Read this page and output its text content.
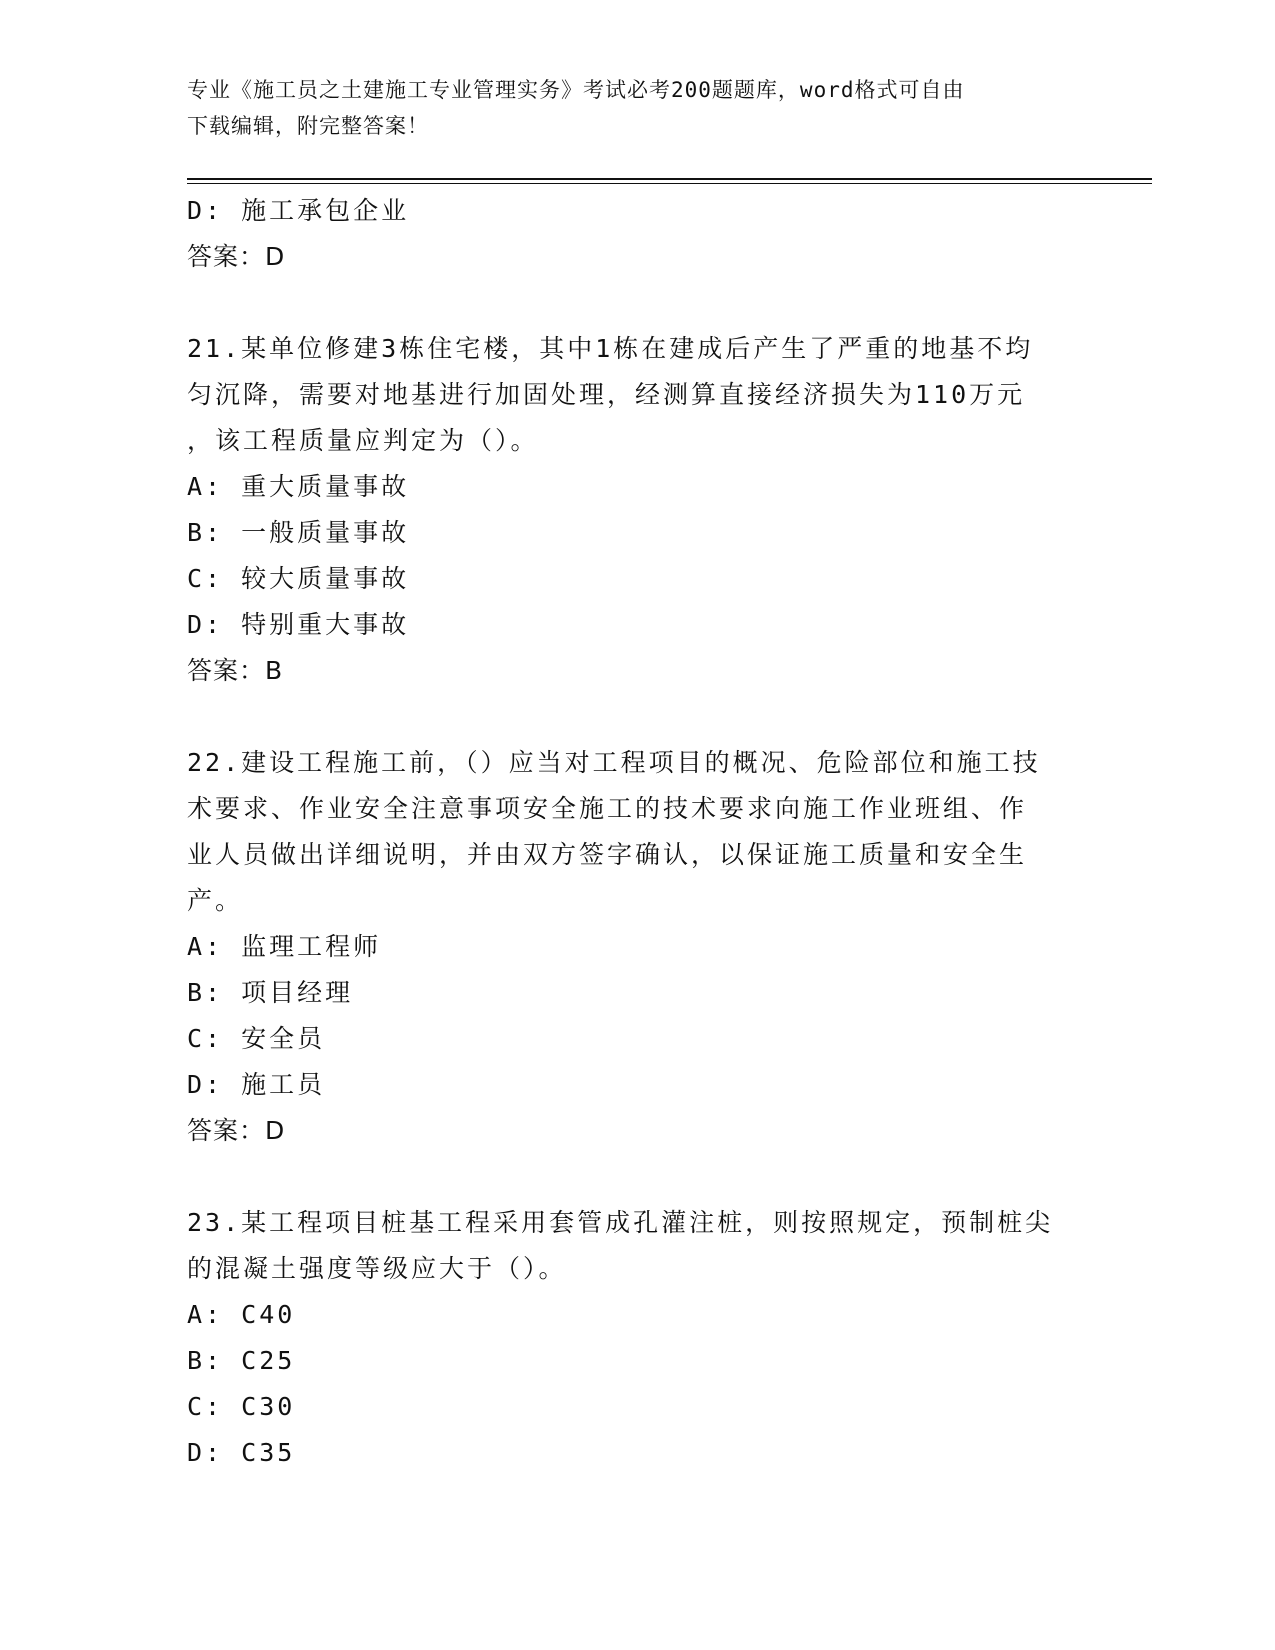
专业《施工员之土建施工专业管理实务》考试必考200题题库，word格式可自由
下载编辑，附完整答案！
D: 施工承包企业
答案：D
21.某单位修建3栋住宅楼，其中1栋在建成后产生了严重的地基不均
匀沉降，需要对地基进行加固处理，经测算直接经济损失为110万元
，该工程质量应判定为（）。
A: 重大质量事故
B: 一般质量事故
C: 较大质量事故
D: 特别重大事故
答案：B
22.建设工程施工前，（）应当对工程项目的概况、危险部位和施工技
术要求、作业安全注意事项安全施工的技术要求向施工作业班组、作
业人员做出详细说明，并由双方签字确认，以保证施工质量和安全生
产。
A: 监理工程师
B: 项目经理
C: 安全员
D: 施工员
答案：D
23.某工程项目桩基工程采用套管成孔灌注桩，则按照规定，预制桩尖
的混凝土强度等级应大于（）。
A: C40
B: C25
C: C30
D: C35
